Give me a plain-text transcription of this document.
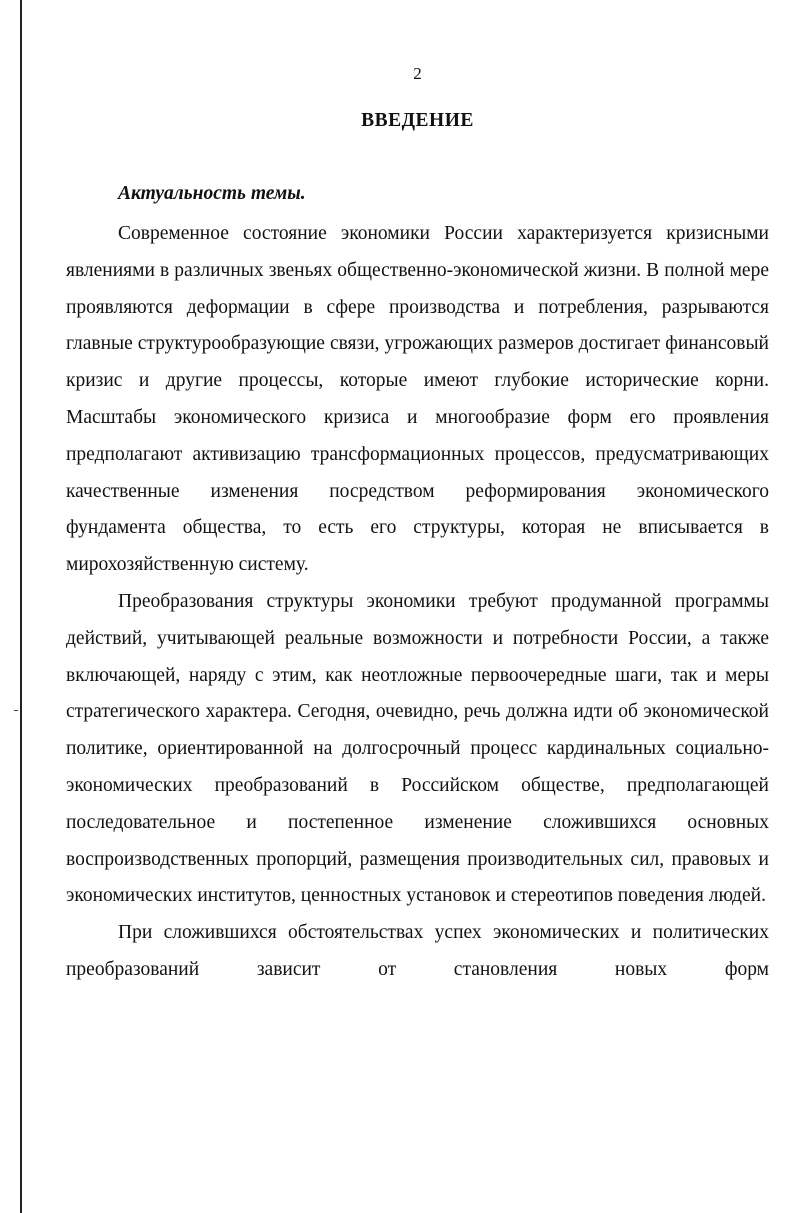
2
ВВЕДЕНИЕ
Актуальность темы.

Современное состояние экономики России характеризуется кризисными явлениями в различных звеньях общественно-экономической жизни. В полной мере проявляются деформации в сфере производства и потребления, разрываются главные структурообразующие связи, угрожающих размеров достигает финансовый кризис и другие процессы, которые имеют глубокие исторические корни. Масштабы экономического кризиса и многообразие форм его проявления предполагают активизацию трансформационных процессов, предусматривающих качественные изменения посредством реформирования экономического фундамента общества, то есть его структуры, которая не вписывается в мирохозяйственную систему.

Преобразования структуры экономики требуют продуманной программы действий, учитывающей реальные возможности и потребности России, а также включающей, наряду с этим, как неотложные первоочередные шаги, так и меры стратегического характера. Сегодня, очевидно, речь должна идти об экономической политике, ориентированной на долгосрочный процесс кардинальных социально-экономических преобразований в Российском обществе, предполагающей последовательное и постепенное изменение сложившихся основных воспроизводственных пропорций, размещения производительных сил, правовых и экономических институтов, ценностных установок и стереотипов поведения людей.

При сложившихся обстоятельствах успех экономических и политических преобразований зависит от становления новых форм
